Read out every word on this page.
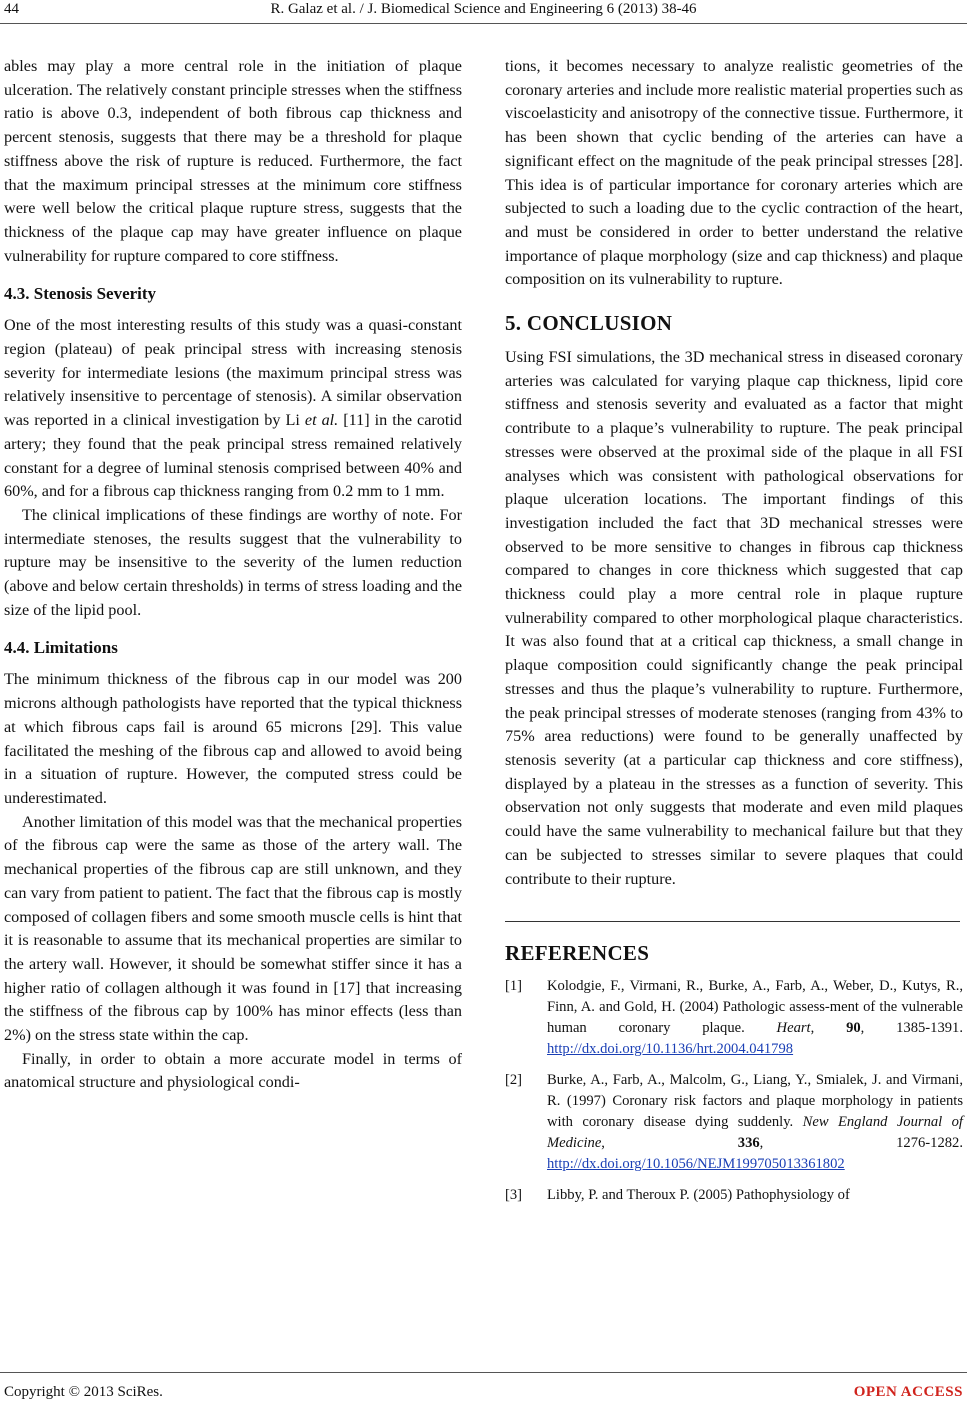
44	R. Galaz et al. / J. Biomedical Science and Engineering 6 (2013) 38-46

ables may play a more central role in the initiation of plaque ulceration. The relatively constant principle stresses when the stiffness ratio is above 0.3, independent of both fibrous cap thickness and percent stenosis, suggests that there may be a threshold for plaque stiffness above the risk of rupture is reduced. Furthermore, the fact that the maximum principal stresses at the minimum core stiffness were well below the critical plaque rupture stress, suggests that the thickness of the plaque cap may have greater influence on plaque vulnerability for rupture compared to core stiffness.

4.3. Stenosis Severity

One of the most interesting results of this study was a quasi-constant region (plateau) of peak principal stress with increasing stenosis severity for intermediate lesions (the maximum principal stress was relatively insensitive to percentage of stenosis). A similar observation was reported in a clinical investigation by Li et al. [11] in the carotid artery; they found that the peak principal stress remained relatively constant for a degree of luminal stenosis comprised between 40% and 60%, and for a fibrous cap thickness ranging from 0.2 mm to 1 mm.

The clinical implications of these findings are worthy of note. For intermediate stenoses, the results suggest that the vulnerability to rupture may be insensitive to the severity of the lumen reduction (above and below certain thresholds) in terms of stress loading and the size of the lipid pool.

4.4. Limitations

The minimum thickness of the fibrous cap in our model was 200 microns although pathologists have reported that the typical thickness at which fibrous caps fail is around 65 microns [29]. This value facilitated the meshing of the fibrous cap and allowed to avoid being in a situation of rupture. However, the computed stress could be underestimated.

Another limitation of this model was that the mechanical properties of the fibrous cap were the same as those of the artery wall. The mechanical properties of the fibrous cap are still unknown, and they can vary from patient to patient. The fact that the fibrous cap is mostly composed of collagen fibers and some smooth muscle cells is hint that it is reasonable to assume that its mechanical properties are similar to the artery wall. However, it should be somewhat stiffer since it has a higher ratio of collagen although it was found in [17] that increasing the stiffness of the fibrous cap by 100% has minor effects (less than 2%) on the stress state within the cap.

Finally, in order to obtain a more accurate model in terms of anatomical structure and physiological condi-

tions, it becomes necessary to analyze realistic geometries of the coronary arteries and include more realistic material properties such as viscoelasticity and anisotropy of the connective tissue. Furthermore, it has been shown that cyclic bending of the arteries can have a significant effect on the magnitude of the peak principal stresses [28]. This idea is of particular importance for coronary arteries which are subjected to such a loading due to the cyclic contraction of the heart, and must be considered in order to better understand the relative importance of plaque morphology (size and cap thickness) and plaque composition on its vulnerability to rupture.

5. CONCLUSION

Using FSI simulations, the 3D mechanical stress in diseased coronary arteries was calculated for varying plaque cap thickness, lipid core stiffness and stenosis severity and evaluated as a factor that might contribute to a plaque’s vulnerability to rupture. The peak principal stresses were observed at the proximal side of the plaque in all FSI analyses which was consistent with pathological observations for plaque ulceration locations. The important findings of this investigation included the fact that 3D mechanical stresses were observed to be more sensitive to changes in fibrous cap thickness compared to changes in core thickness which suggested that cap thickness could play a more central role in plaque rupture vulnerability compared to other morphological plaque characteristics. It was also found that at a critical cap thickness, a small change in plaque composition could significantly change the peak principal stresses and thus the plaque’s vulnerability to rupture. Furthermore, the peak principal stresses of moderate stenoses (ranging from 43% to 75% area reductions) were found to be generally unaffected by stenosis severity (at a particular cap thickness and core stiffness), displayed by a plateau in the stresses as a function of severity. This observation not only suggests that moderate and even mild plaques could have the same vulnerability to mechanical failure but that they can be subjected to stresses similar to severe plaques that could contribute to their rupture.

REFERENCES
[1]	Kolodgie, F., Virmani, R., Burke, A., Farb, A., Weber, D., Kutys, R., Finn, A. and Gold, H. (2004) Pathologic assess-ment of the vulnerable human coronary plaque. Heart, 90, 1385-1391. http://dx.doi.org/10.1136/hrt.2004.041798
[2]	Burke, A., Farb, A., Malcolm, G., Liang, Y., Smialek, J. and Virmani, R. (1997) Coronary risk factors and plaque morphology in patients with coronary disease dying suddenly. New England Journal of Medicine, 336, 1276-1282. http://dx.doi.org/10.1056/NEJM199705013361802
[3]	Libby, P. and Theroux P. (2005) Pathophysiology of
Copyright © 2013 SciRes.	OPEN ACCESS
